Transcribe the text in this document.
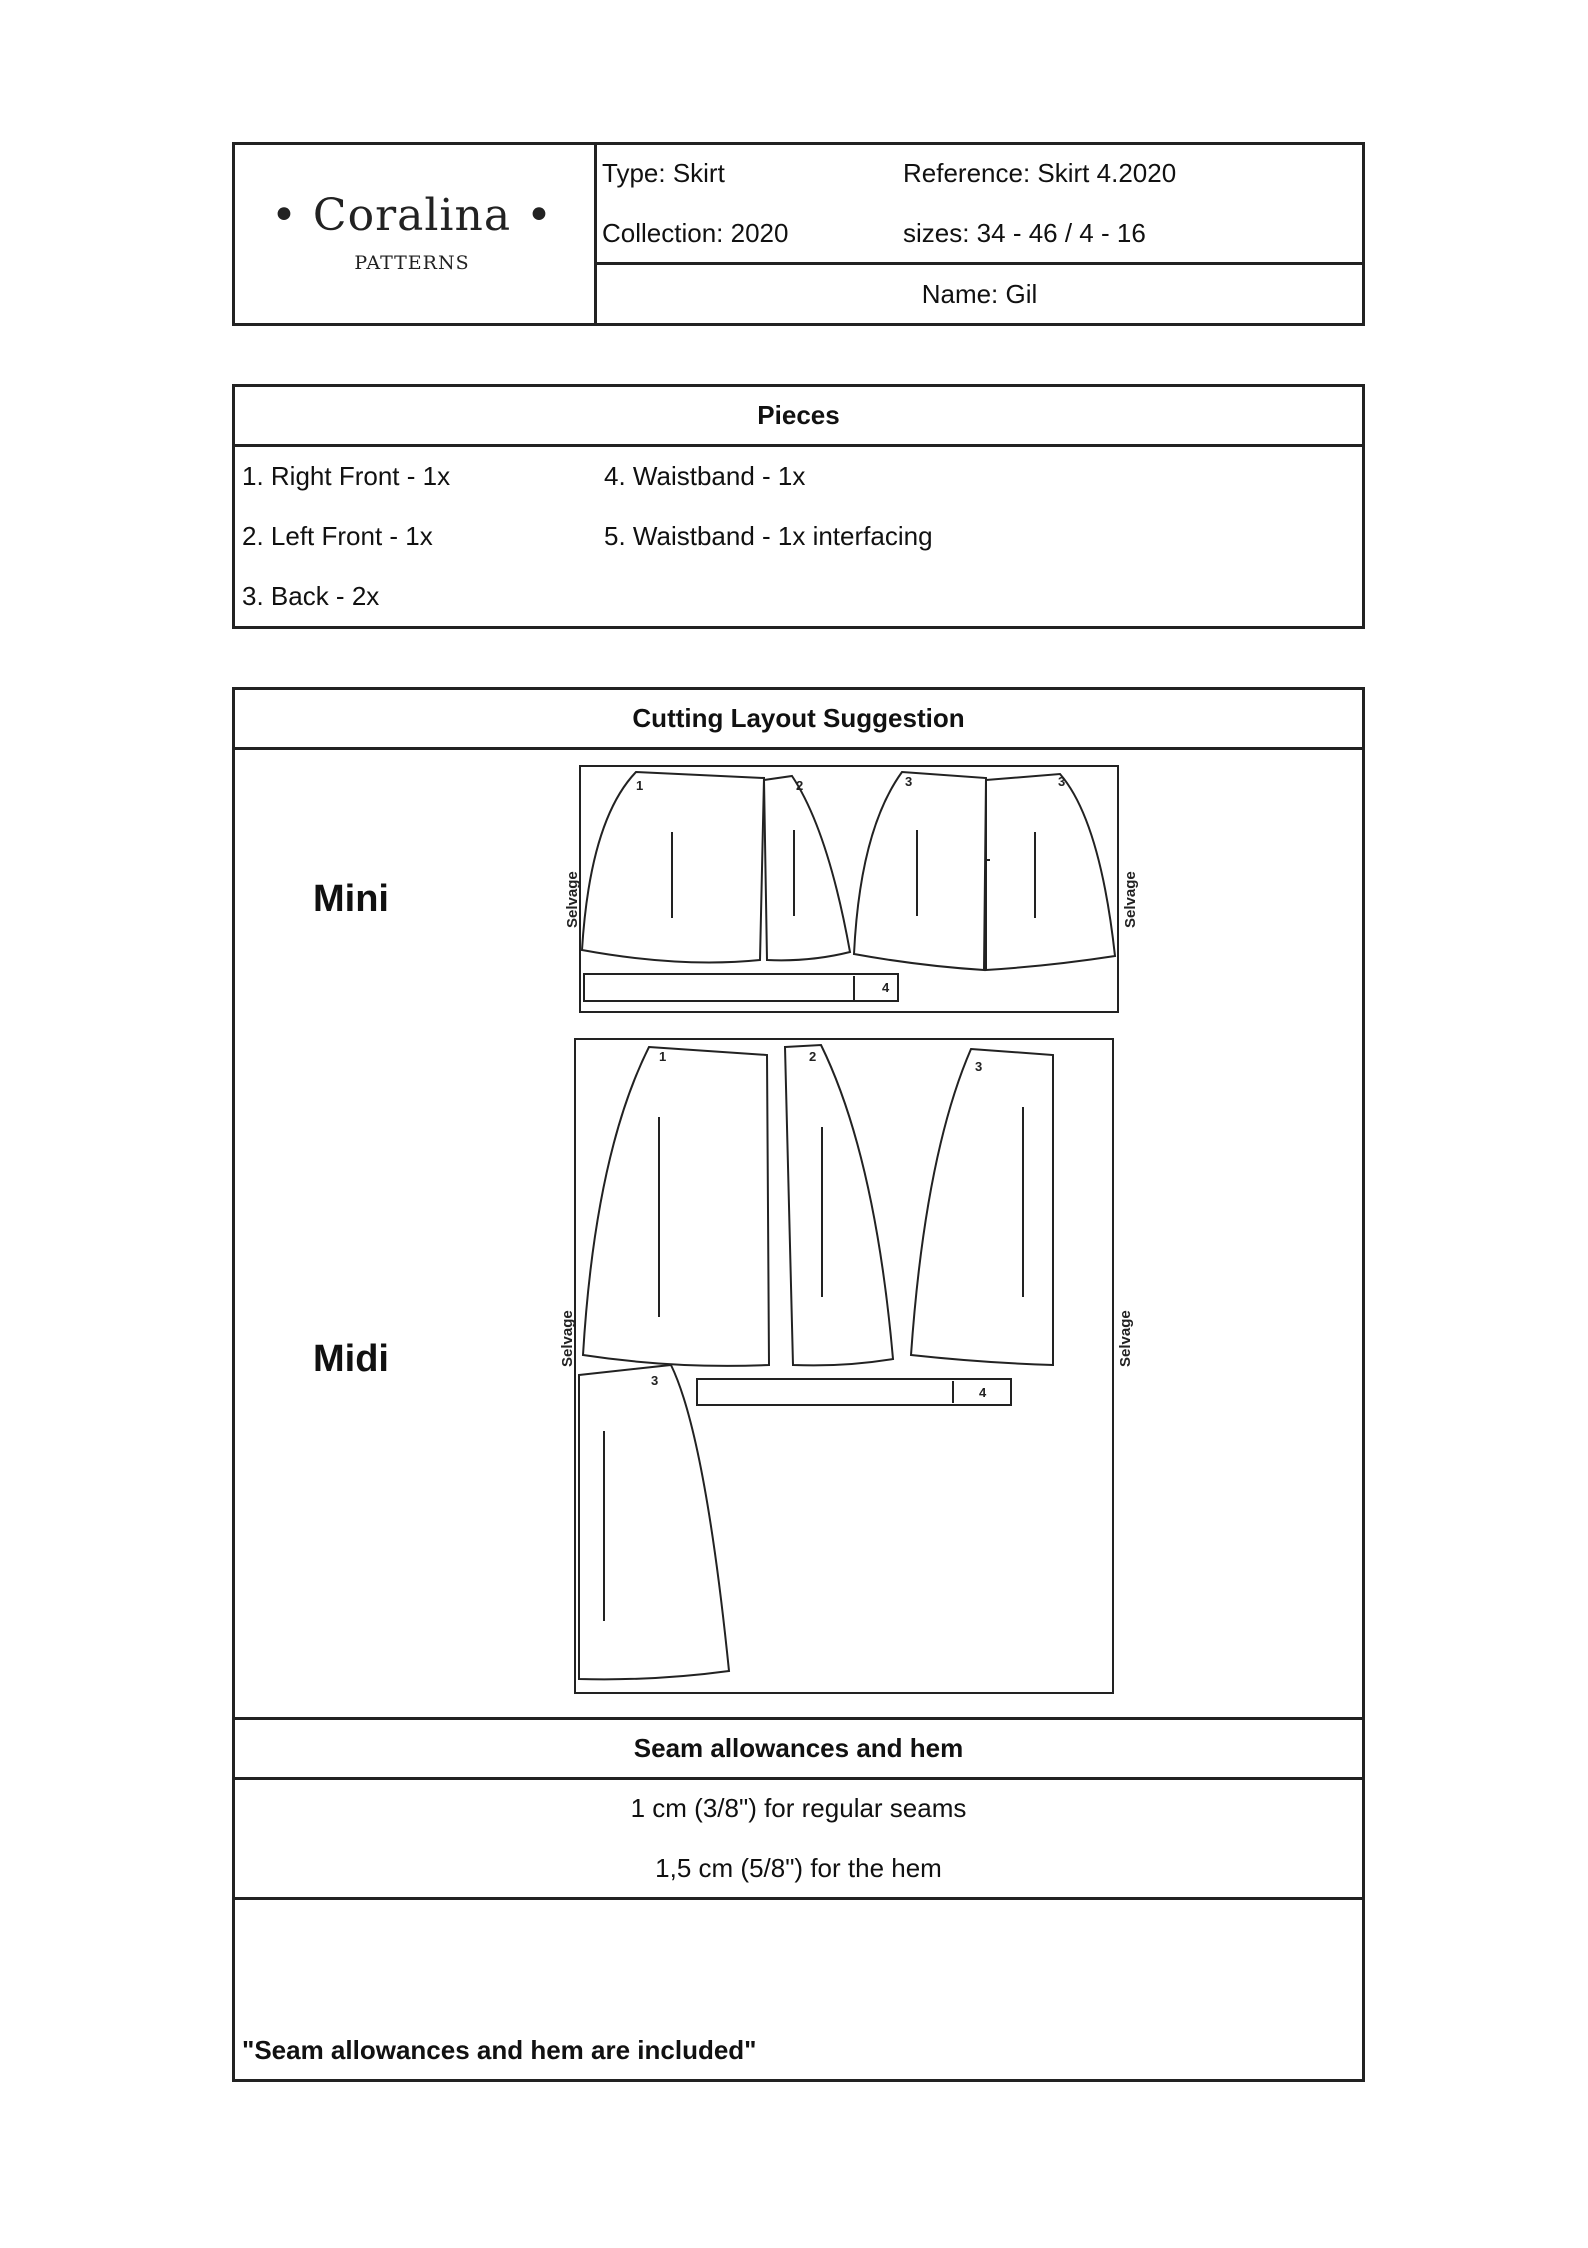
• Coralina •
PATTERNS
Type: Skirt	Reference: Skirt 4.2020
Collection: 2020	sizes: 34 - 46 / 4 - 16
Name: Gil
Pieces
1. Right Front - 1x
2. Left Front - 1x
3. Back - 2x
4. Waistband - 1x
5. Waistband - 1x interfacing
Cutting Layout Suggestion
Mini
Midi
1	2	3	3
4
Selvage	Selvage
1	2
3
3
4
Selvage	Selvage
Seam allowances and hem
1 cm (3/8") for regular seams
1,5 cm (5/8") for the hem
"Seam allowances and hem are included"
